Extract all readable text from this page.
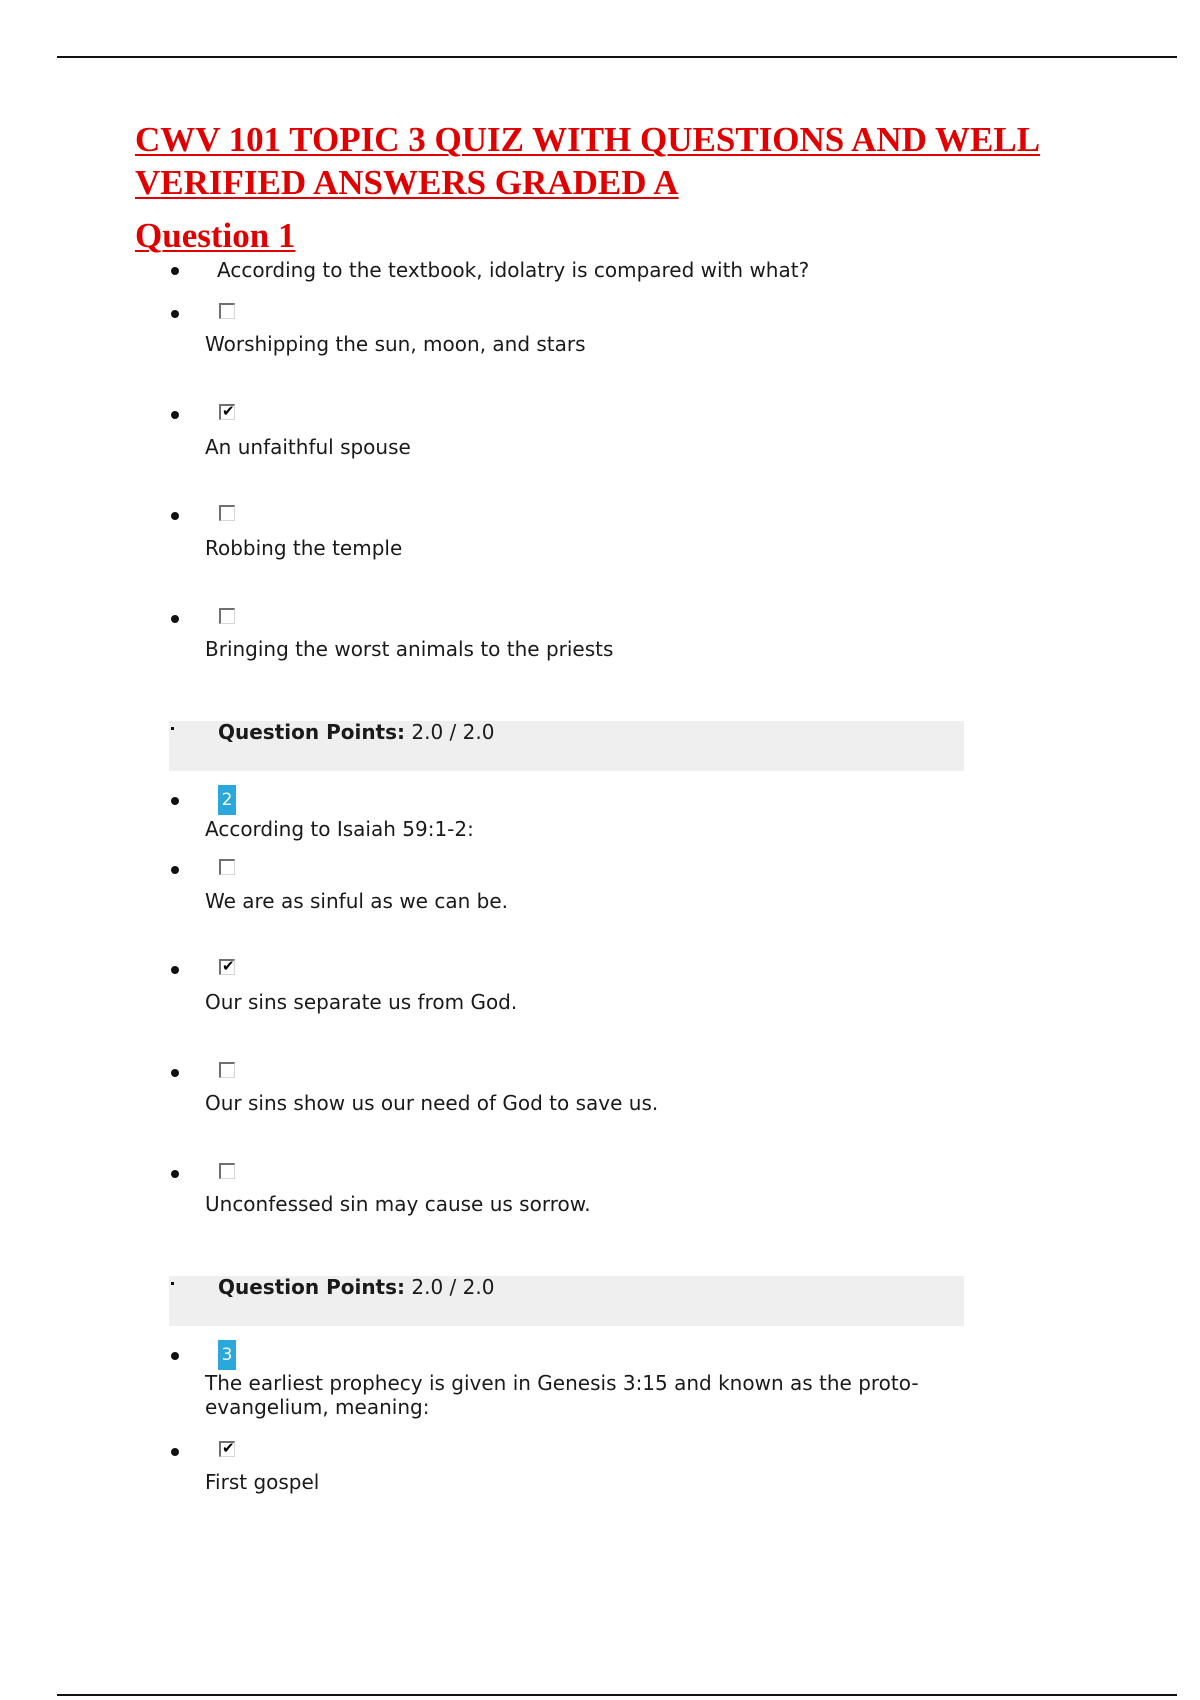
CWV 101 TOPIC 3 QUIZ WITH QUESTIONS AND WELL VERIFIED ANSWERS GRADED A
Question 1
According to the textbook, idolatry is compared with what?
Worshipping the sun, moon, and stars
✔
An unfaithful spouse
Robbing the temple
Bringing the worst animals to the priests
Question Points: 2.0 / 2.0
2
According to Isaiah 59:1-2:
We are as sinful as we can be.
✔
Our sins separate us from God.
Our sins show us our need of God to save us.
Unconfessed sin may cause us sorrow.
Question Points: 2.0 / 2.0
3
The earliest prophecy is given in Genesis 3:15 and known as the proto-evangelium, meaning:
✔
First gospel
